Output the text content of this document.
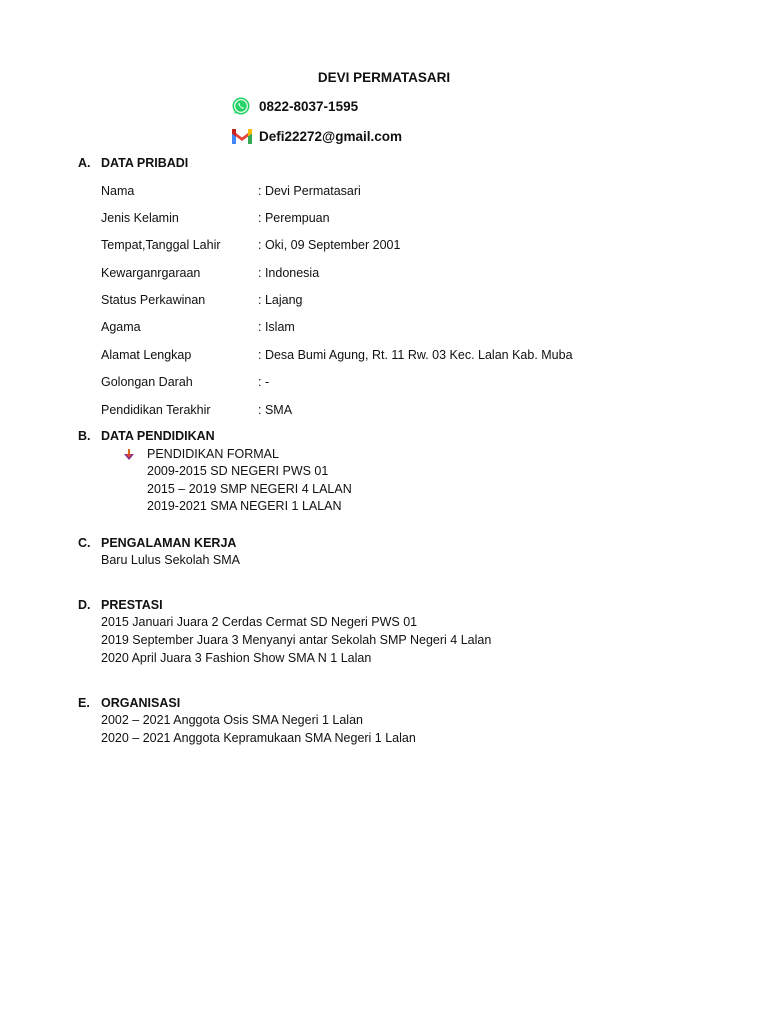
DEVI PERMATASARI
0822-8037-1595
Defi22272@gmail.com
A. DATA PRIBADI
Nama	: Devi Permatasari
Jenis Kelamin	: Perempuan
Tempat,Tanggal Lahir	: Oki, 09 September 2001
Kewarganrgaraan	: Indonesia
Status Perkawinan	: Lajang
Agama	: Islam
Alamat Lengkap	: Desa Bumi Agung, Rt. 11 Rw. 03 Kec. Lalan Kab. Muba
Golongan Darah	: -
Pendidikan Terakhir	: SMA
B. DATA PENDIDIKAN
PENDIDIKAN FORMAL
2009-2015 SD NEGERI PWS 01
2015 – 2019 SMP NEGERI 4 LALAN
2019-2021 SMA NEGERI 1 LALAN
C. PENGALAMAN KERJA
Baru Lulus Sekolah SMA
D. PRESTASI
2015 Januari Juara 2 Cerdas Cermat SD Negeri PWS 01
2019 September Juara 3 Menyanyi antar Sekolah SMP Negeri 4 Lalan
2020 April Juara 3 Fashion Show SMA N 1 Lalan
E. ORGANISASI
2002 – 2021 Anggota Osis SMA Negeri 1 Lalan
2020 – 2021 Anggota Kepramukaan SMA Negeri 1 Lalan
